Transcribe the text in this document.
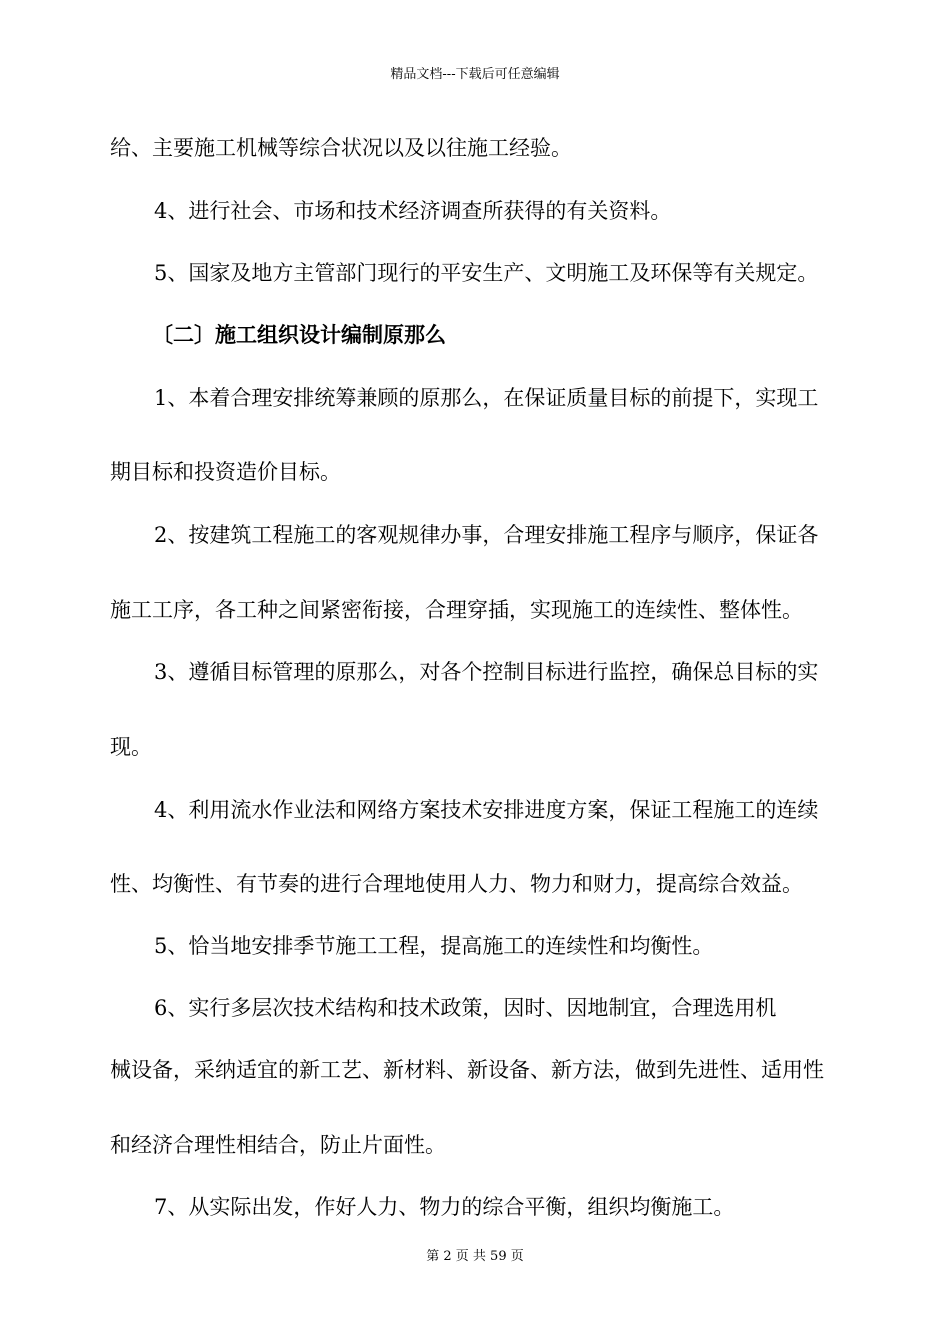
精品文档---下载后可任意编辑
给、主要施工机械等综合状况以及以往施工经验。
4、进行社会、市场和技术经济调查所获得的有关资料。
5、国家及地方主管部门现行的平安生产、文明施工及环保等有关规定。
〔二〕施工组织设计编制原那么
1、本着合理安排统筹兼顾的原那么，在保证质量目标的前提下，实现工
期目标和投资造价目标。
2、按建筑工程施工的客观规律办事，合理安排施工程序与顺序，保证各
施工工序，各工种之间紧密衔接，合理穿插，实现施工的连续性、整体性。
3、遵循目标管理的原那么，对各个控制目标进行监控，确保总目标的实
现。
4、利用流水作业法和网络方案技术安排进度方案，保证工程施工的连续
性、均衡性、有节奏的进行合理地使用人力、物力和财力，提高综合效益。
5、恰当地安排季节施工工程，提高施工的连续性和均衡性。
6、实行多层次技术结构和技术政策，因时、因地制宜，合理选用机
械设备，采纳适宜的新工艺、新材料、新设备、新方法，做到先进性、适用性
和经济合理性相结合，防止片面性。
7、从实际出发，作好人力、物力的综合平衡，组织均衡施工。
第 2 页 共 59 页
